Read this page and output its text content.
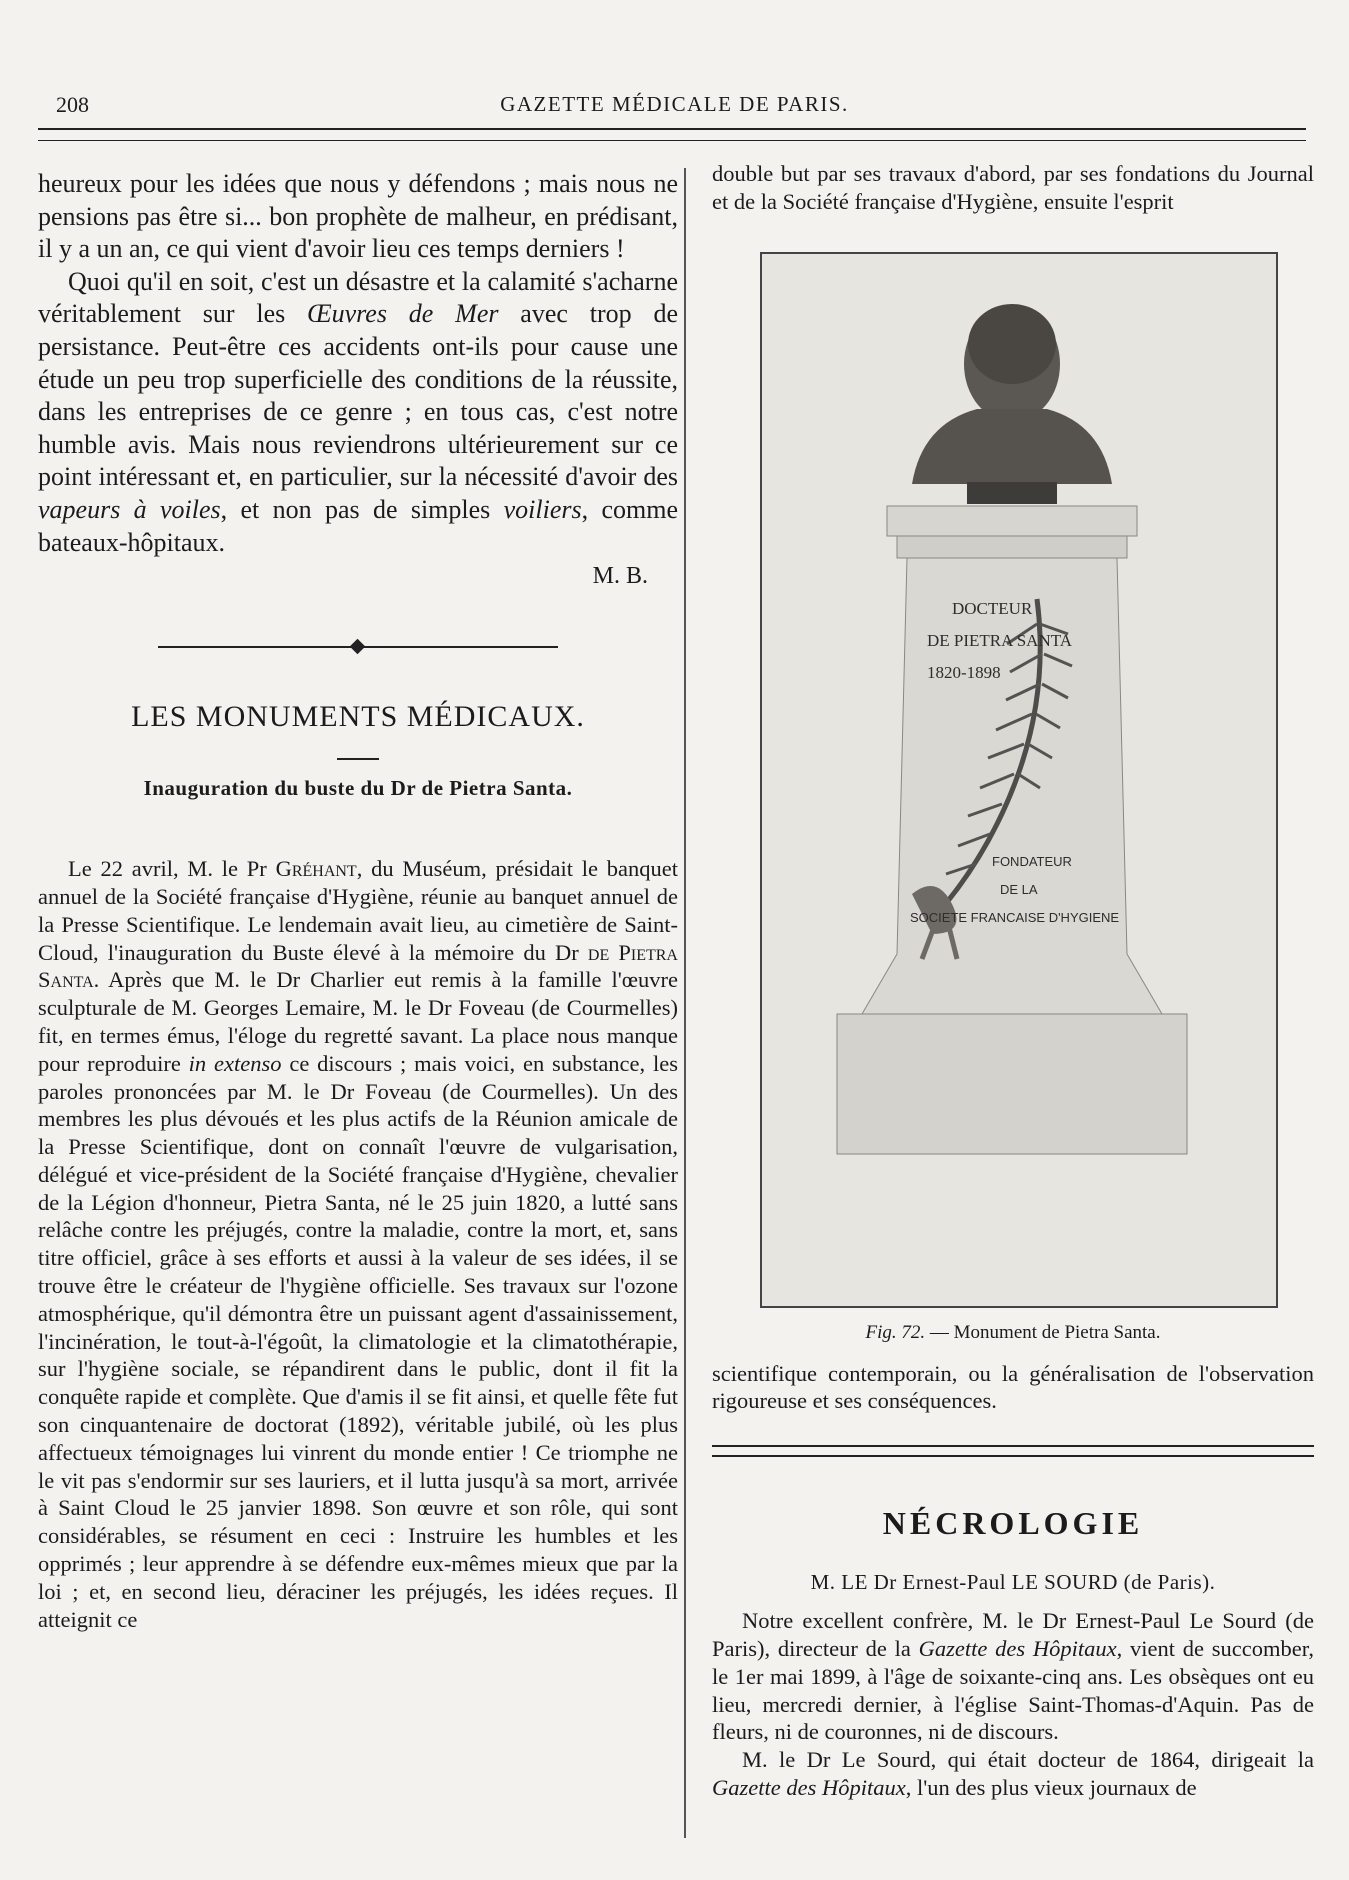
208	GAZETTE MÉDICALE DE PARIS.

heureux pour les idées que nous y défendons ; mais nous ne pensions pas être si... bon prophète de malheur, en prédisant, il y a un an, ce qui vient d'avoir lieu ces temps derniers !

Quoi qu'il en soit, c'est un désastre et la calamité s'acharne véritablement sur les Œuvres de Mer avec trop de persistance. Peut-être ces accidents ont-ils pour cause une étude un peu trop superficielle des conditions de la réussite, dans les entreprises de ce genre ; en tous cas, c'est notre humble avis. Mais nous reviendrons ultérieurement sur ce point intéressant et, en particulier, sur la nécessité d'avoir des vapeurs à voiles, et non pas de simples voiliers, comme bateaux-hôpitaux.

M. B.
LES MONUMENTS MÉDICAUX.
Inauguration du buste du Dr de Pietra Santa.

Le 22 avril, M. le Pr Gréhant, du Muséum, présidait le banquet annuel de la Société française d'Hygiène, réunie au banquet annuel de la Presse Scientifique. Le lendemain avait lieu, au cimetière de Saint-Cloud, l'inauguration du Buste élevé à la mémoire du Dr de Pietra Santa. Après que M. le Dr Charlier eut remis à la famille l'œuvre sculpturale de M. Georges Lemaire, M. le Dr Foveau (de Courmelles) fit, en termes émus, l'éloge du regretté savant. La place nous manque pour reproduire in extenso ce discours ; mais voici, en substance, les paroles prononcées par M. le Dr Foveau (de Courmelles). Un des membres les plus dévoués et les plus actifs de la Réunion amicale de la Presse Scientifique, dont on connaît l'œuvre de vulgarisation, délégué et vice-président de la Société française d'Hygiène, chevalier de la Légion d'honneur, Pietra Santa, né le 25 juin 1820, a lutté sans relâche contre les préjugés, contre la maladie, contre la mort, et, sans titre officiel, grâce à ses efforts et aussi à la valeur de ses idées, il se trouve être le créateur de l'hygiène officielle. Ses travaux sur l'ozone atmosphérique, qu'il démontra être un puissant agent d'assainissement, l'incinération, le tout-à-l'égoût, la climatologie et la climatothérapie, sur l'hygiène sociale, se répandirent dans le public, dont il fit la conquête rapide et complète. Que d'amis il se fit ainsi, et quelle fête fut son cinquantenaire de doctorat (1892), véritable jubilé, où les plus affectueux témoignages lui vinrent du monde entier ! Ce triomphe ne le vit pas s'endormir sur ses lauriers, et il lutta jusqu'à sa mort, arrivée à Saint Cloud le 25 janvier 1898. Son œuvre et son rôle, qui sont considérables, se résument en ceci : Instruire les humbles et les opprimés ; leur apprendre à se défendre eux-mêmes mieux que par la loi ; et, en second lieu, déraciner les préjugés, les idées reçues. Il atteignit ce

double but par ses travaux d'abord, par ses fondations du Journal et de la Société française d'Hygiène, ensuite l'esprit

DOCTEUR
DE PIETRA SANTA
1820-1898
FONDATEUR
DE LA
SOCIETE FRANCAISE D'HYGIENE
Fig. 72. — Monument de Pietra Santa.

scientifique contemporain, ou la généralisation de l'observation rigoureuse et ses conséquences.

NÉCROLOGIE
M. LE Dr Ernest-Paul LE SOURD (de Paris).

Notre excellent confrère, M. le Dr Ernest-Paul Le Sourd (de Paris), directeur de la Gazette des Hôpitaux, vient de succomber, le 1er mai 1899, à l'âge de soixante-cinq ans. Les obsèques ont eu lieu, mercredi dernier, à l'église Saint-Thomas-d'Aquin. Pas de fleurs, ni de couronnes, ni de discours.

M. le Dr Le Sourd, qui était docteur de 1864, dirigeait la Gazette des Hôpitaux, l'un des plus vieux journaux de
